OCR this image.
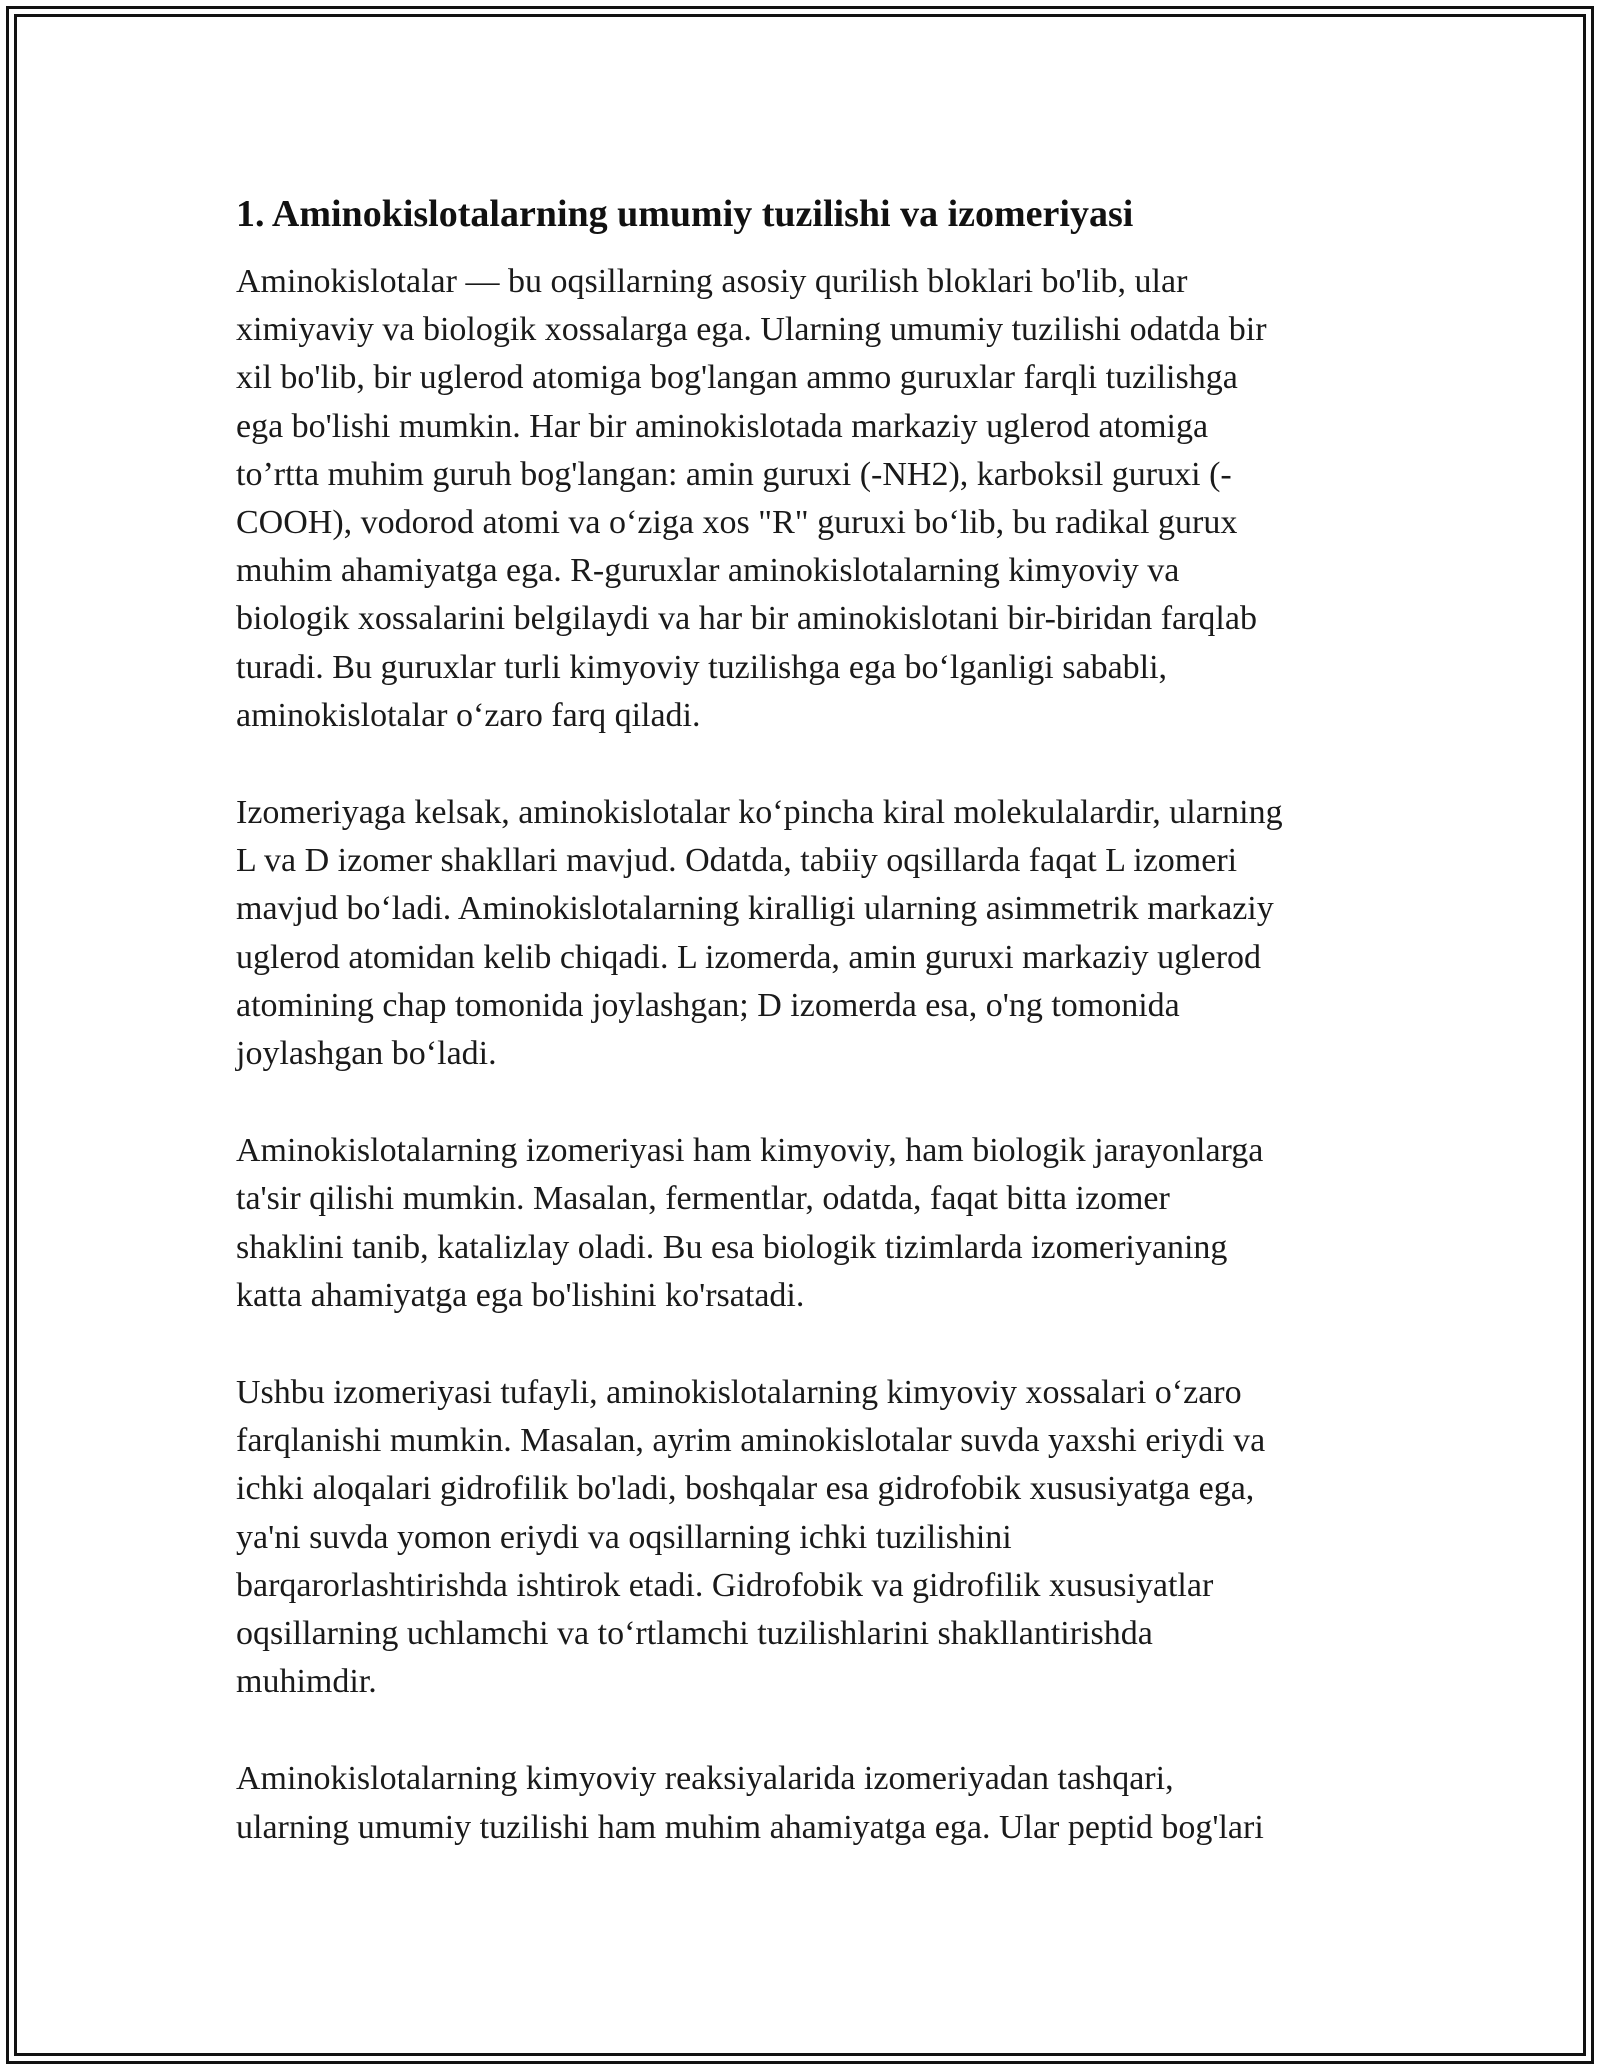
1. Aminokislotalarning umumiy tuzilishi va izomeriyasi

Aminokislotalar — bu oqsillarning asosiy qurilish bloklari bo'lib, ular
ximiyaviy va biologik xossalarga ega. Ularning umumiy tuzilishi odatda bir
xil bo'lib, bir uglerod atomiga bog'langan ammo guruxlar farqli tuzilishga
ega bo'lishi mumkin. Har bir aminokislotada markaziy uglerod atomiga
to’rtta muhim guruh bog'langan: amin guruxi (-NH2), karboksil guruxi (-
COOH), vodorod atomi va o‘ziga xos "R" guruxi bo‘lib, bu radikal gurux
muhim ahamiyatga ega. R-guruxlar aminokislotalarning kimyoviy va
biologik xossalarini belgilaydi va har bir aminokislotani bir-biridan farqlab
turadi. Bu guruxlar turli kimyoviy tuzilishga ega bo‘lganligi sababli,
aminokislotalar o‘zaro farq qiladi.

Izomeriyaga kelsak, aminokislotalar ko‘pincha kiral molekulalardir, ularning
L va D izomer shakllari mavjud. Odatda, tabiiy oqsillarda faqat L izomeri
mavjud bo‘ladi. Aminokislotalarning kiralligi ularning asimmetrik markaziy
uglerod atomidan kelib chiqadi. L izomerda, amin guruxi markaziy uglerod
atomining chap tomonida joylashgan; D izomerda esa, o'ng tomonida
joylashgan bo‘ladi.

Aminokislotalarning izomeriyasi ham kimyoviy, ham biologik jarayonlarga
ta'sir qilishi mumkin. Masalan, fermentlar, odatda, faqat bitta izomer
shaklini tanib, katalizlay oladi. Bu esa biologik tizimlarda izomeriyaning
katta ahamiyatga ega bo'lishini ko'rsatadi.

Ushbu izomeriyasi tufayli, aminokislotalarning kimyoviy xossalari o‘zaro
farqlanishi mumkin. Masalan, ayrim aminokislotalar suvda yaxshi eriydi va
ichki aloqalari gidrofilik bo'ladi, boshqalar esa gidrofobik xususiyatga ega,
ya'ni suvda yomon eriydi va oqsillarning ichki tuzilishini
barqarorlashtirishda ishtirok etadi. Gidrofobik va gidrofilik xususiyatlar
oqsillarning uchlamchi va to‘rtlamchi tuzilishlarini shakllantirishda
muhimdir.

Aminokislotalarning kimyoviy reaksiyalarida izomeriyadan tashqari,
ularning umumiy tuzilishi ham muhim ahamiyatga ega. Ular peptid bog'lari
